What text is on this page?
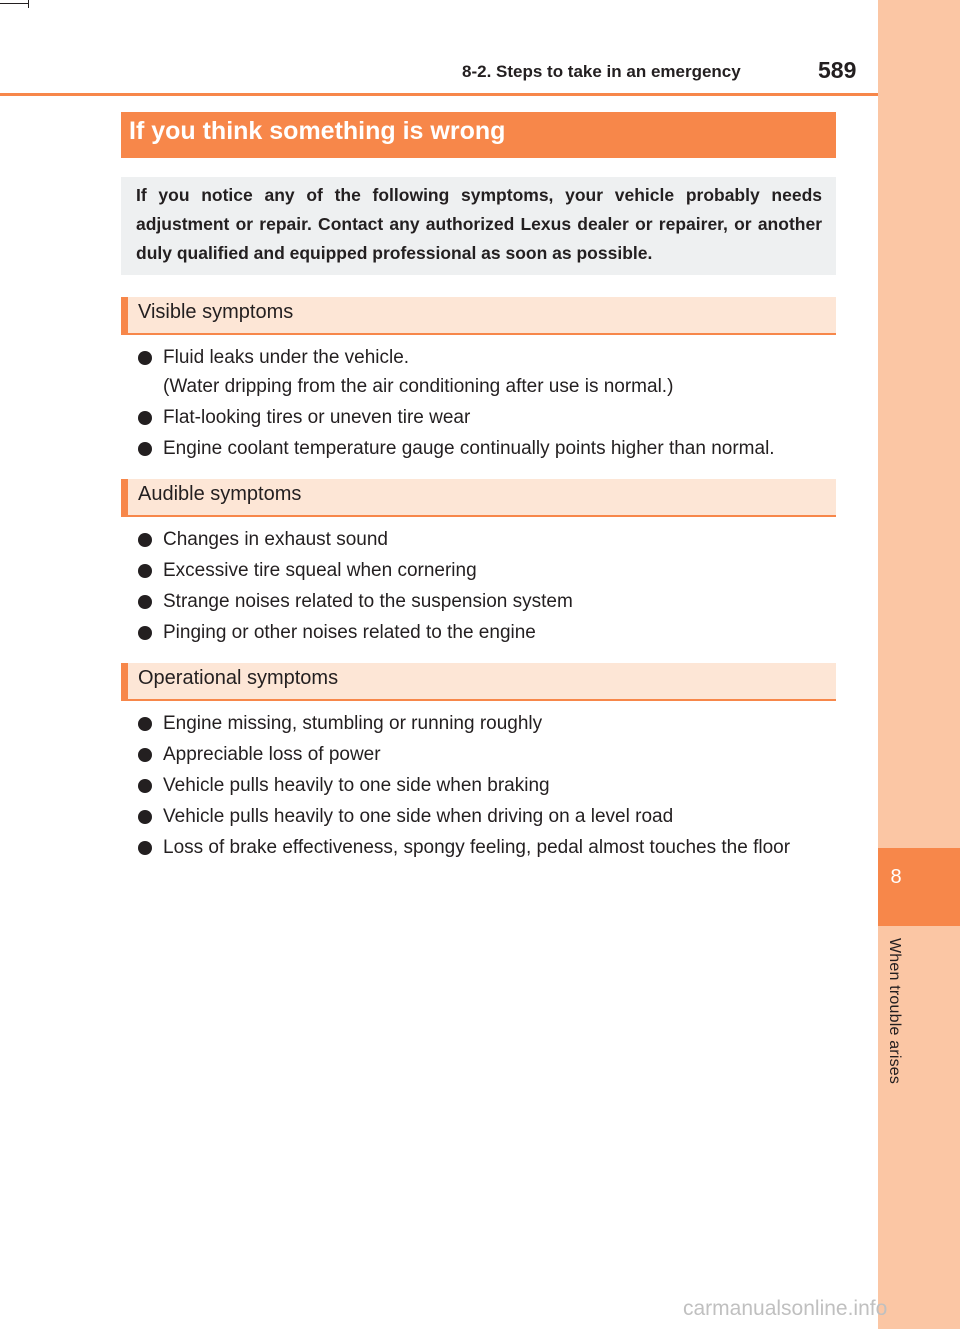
8
When trouble arises
8-2. Steps to take in an emergency	589
If you think something is wrong
If you notice any of the following symptoms, your vehicle probably needs adjustment or repair. Contact any authorized Lexus dealer or repairer, or another duly qualified and equipped professional as soon as possible.
Visible symptoms
Fluid leaks under the vehicle.
(Water dripping from the air conditioning after use is normal.)
Flat-looking tires or uneven tire wear
Engine coolant temperature gauge continually points higher than normal.
Audible symptoms
Changes in exhaust sound
Excessive tire squeal when cornering
Strange noises related to the suspension system
Pinging or other noises related to the engine
Operational symptoms
Engine missing, stumbling or running roughly
Appreciable loss of power
Vehicle pulls heavily to one side when braking
Vehicle pulls heavily to one side when driving on a level road
Loss of brake effectiveness, spongy feeling, pedal almost touches the floor
carmanualsonline.info
